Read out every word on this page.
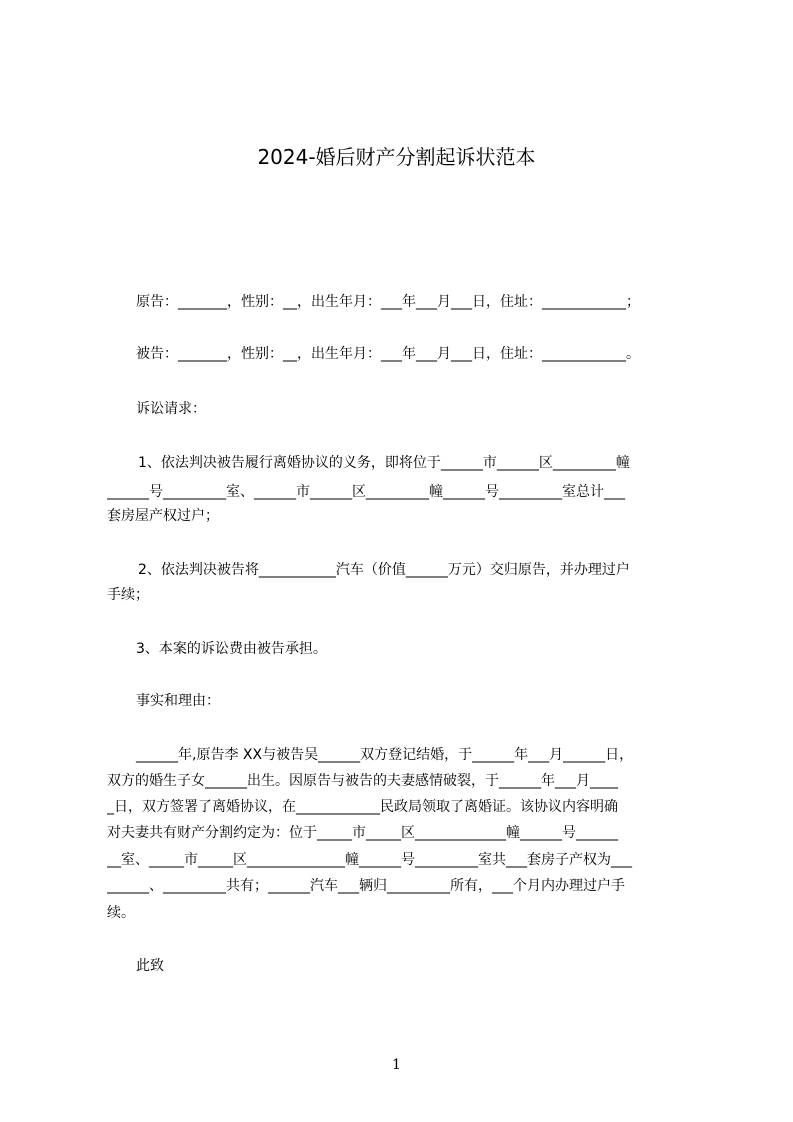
2024-婚后财产分割起诉状范本
原告：_______，性别：__，出生年月：___年___月___日，住址：____________；
被告：_______，性别：__，出生年月：___年___月___日，住址：____________。
诉讼请求：
1、依法判决被告履行离婚协议的义务，即将位于______市______区_________幢
______号_________室、______市______区_________幢______号_________室总计___
套房屋产权过户；
2、依法判决被告将___________汽车（价值______万元）交归原告，并办理过户
手续；
3、本案的诉讼费由被告承担。
事实和理由：
______年,原告李 XX与被告吴______双方登记结婚，于______年___月______日，
双方的婚生子女______出生。因原告与被告的夫妻感情破裂，于______年___月____
_日，双方签署了离婚协议，在____________民政局领取了离婚证。该协议内容明确
对夫妻共有财产分割约定为：位于_____市_____区_____________幢______号______
__室、_____市_____区______________幢______号_________室共___套房子产权为___
______、_________共有；______汽车___辆归_________所有，___个月内办理过户手
续。
此致
1
